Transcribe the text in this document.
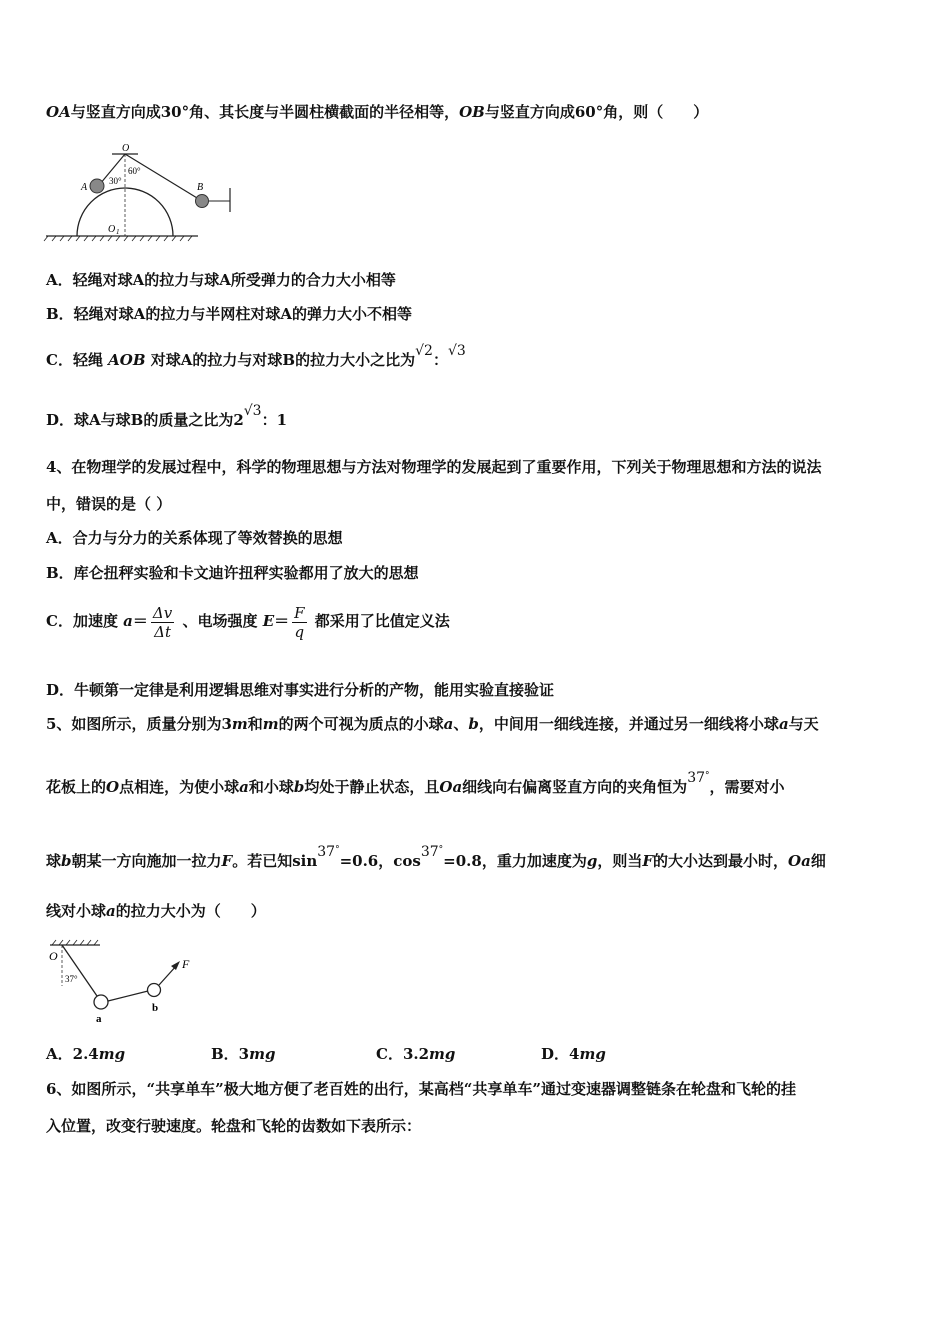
OA与竖直方向成30°角、其长度与半圆柱横截面的半径相等，OB与竖直方向成60°角，则（　　）
O
A	B
30°
60°
O 1
A．轻绳对球A的拉力与球A所受弹力的合力大小相等
B．轻绳对球A的拉力与半网柱对球A的弹力大小不相等
C．轻绳 AOB 对球A的拉力与对球B的拉力大小之比为√2：√3
D．球A与球B的质量之比为2√3：1
4、在物理学的发展过程中，科学的物理思想与方法对物理学的发展起到了重要作用，下列关于物理思想和方法的说法
中，错误的是（ ）
A．合力与分力的关系体现了等效替换的思想
B．库仑扭秤实验和卡文迪许扭秤实验都用了放大的思想
C．加速度 $a= \frac{\Delta v}{\Delta t}$ 、电场强度 $E= \frac{F}{q}$ 都采用了比值定义法
D．牛顿第一定律是利用逻辑思维对事实进行分析的产物，能用实验直接验证
5、如图所示，质量分别为3m和m的两个可视为质点的小球a、b，中间用一细线连接，并通过另一细线将小球a与天
花板上的O点相连，为使小球a和小球b均处于静止状态，且Oa细线向右偏离竖直方向的夹角恒为37°，需要对小
球b朝某一方向施加一拉力F。若已知sin37°=0.6，cos37°=0.8，重力加速度为g，则当F的大小达到最小时，Oa细
线对小球a的拉力大小为（　　）
O
37°
a
b
F
A．2.4mg	B．3mg	C．3.2mg	D．4mg
6、如图所示，“共享单车”极大地方便了老百姓的出行，某高档“共享单车”通过变速器调整链条在轮盘和飞轮的挂
入位置，改变行驶速度。轮盘和飞轮的齿数如下表所示：
